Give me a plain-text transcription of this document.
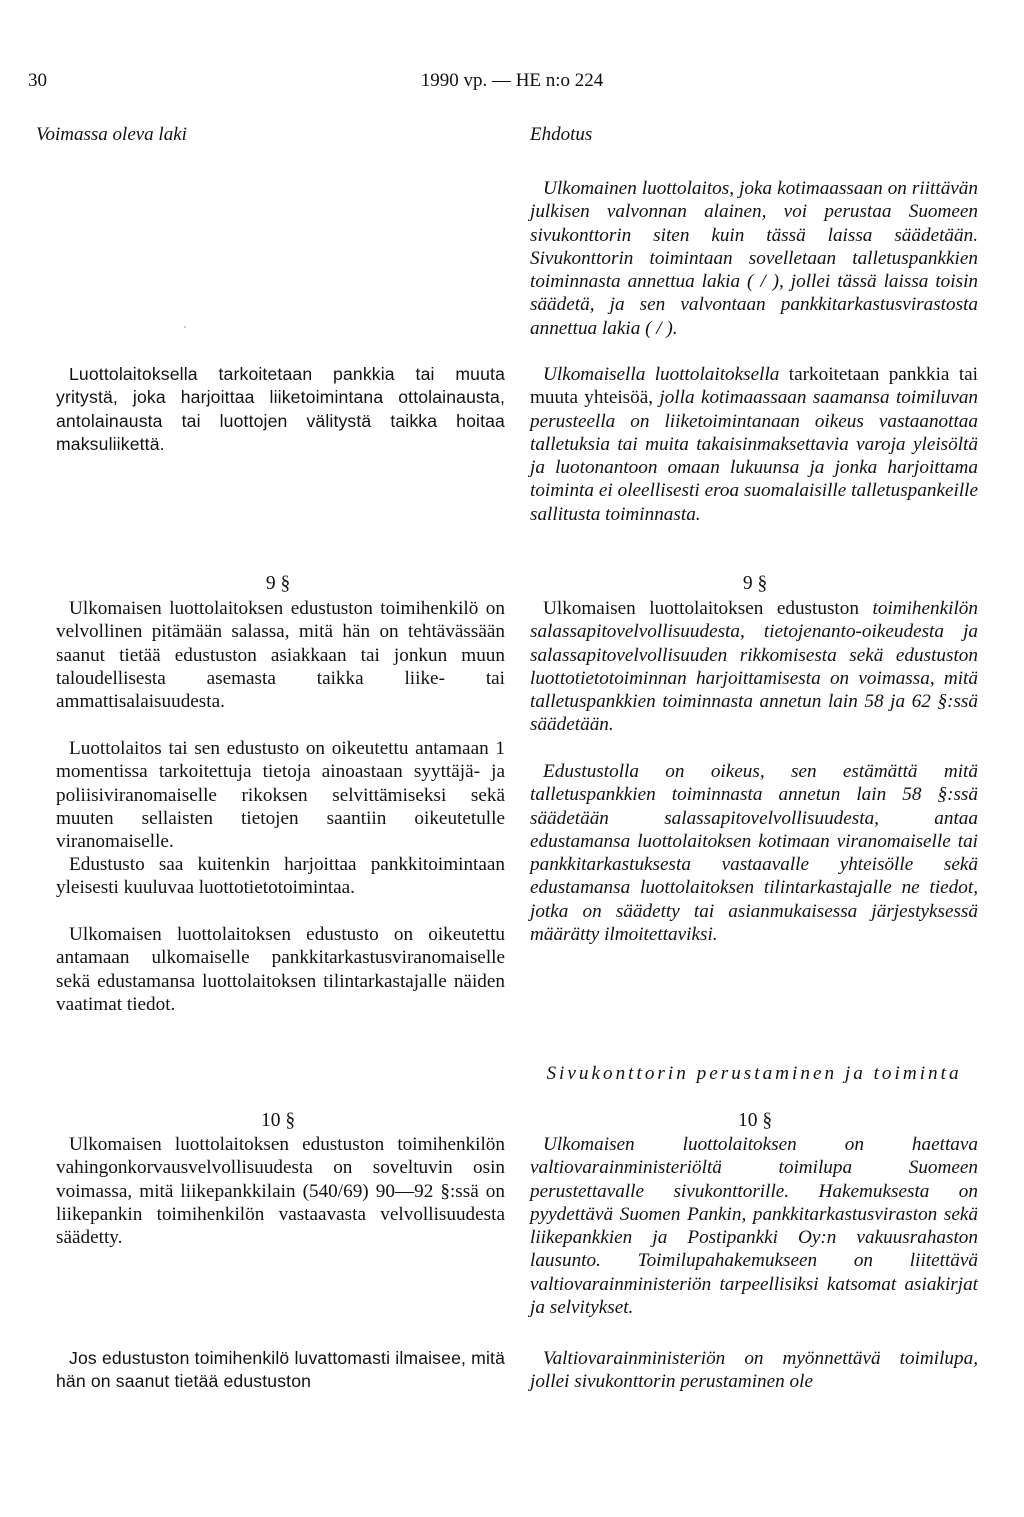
30	1990 vp. — HE n:o 224
Voimassa oleva laki	Ehdotus

Luottolaitoksella tarkoitetaan pankkia tai muuta yritystä, joka harjoittaa liiketoimintana ottolainausta, antolainausta tai luottojen välitystä taikka hoitaa maksuliikettä.

9 §

Ulkomaisen luottolaitoksen edustuston toimihenkilö on velvollinen pitämään salassa, mitä hän on tehtävässään saanut tietää edustuston asiakkaan tai jonkun muun taloudellisesta asemasta taikka liike- tai ammattisalaisuudesta.

Luottolaitos tai sen edustusto on oikeutettu antamaan 1 momentissa tarkoitettuja tietoja ainoastaan syyttäjä- ja poliisiviranomaiselle rikoksen selvittämiseksi sekä muuten sellaisten tietojen saantiin oikeutetulle viranomaiselle.

Edustusto saa kuitenkin harjoittaa pankkitoimintaan yleisesti kuuluvaa luottotietotoimintaa.

Ulkomaisen luottolaitoksen edustusto on oikeutettu antamaan ulkomaiselle pankkitarkastusviranomaiselle sekä edustamansa luottolaitoksen tilintarkastajalle näiden vaatimat tiedot.

10 §

Ulkomaisen luottolaitoksen edustuston toimihenkilön vahingonkorvausvelvollisuudesta on soveltuvin osin voimassa, mitä liikepankkilain (540/69) 90—92 §:ssä on liikepankin toimihenkilön vastaavasta velvollisuudesta säädetty.

Jos edustuston toimihenkilö luvattomasti ilmaisee, mitä hän on saanut tietää edustuston

Ulkomainen luottolaitos, joka kotimaassaan on riittävän julkisen valvonnan alainen, voi perustaa Suomeen sivukonttorin siten kuin tässä laissa säädetään. Sivukonttorin toimintaan sovelletaan talletuspankkien toiminnasta annettua lakia ( / ), jollei tässä laissa toisin säädetä, ja sen valvontaan pankkitarkastusvirastosta annettua lakia ( / ).

Ulkomaisella luottolaitoksella tarkoitetaan pankkia tai muuta yhteisöä, jolla kotimaassaan saamansa toimiluvan perusteella on liiketoimintanaan oikeus vastaanottaa talletuksia tai muita takaisinmaksettavia varoja yleisöltä ja luotonantoon omaan lukuunsa ja jonka harjoittama toiminta ei oleellisesti eroa suomalaisille talletuspankeille sallitusta toiminnasta.

9 §

Ulkomaisen luottolaitoksen edustuston toimihenkilön salassapitovelvollisuudesta, tietojenanto-oikeudesta ja salassapitovelvollisuuden rikkomisesta sekä edustuston luottotietotoiminnan harjoittamisesta on voimassa, mitä talletuspankkien toiminnasta annetun lain 58 ja 62 §:ssä säädetään.

Edustustolla on oikeus, sen estämättä mitä talletuspankkien toiminnasta annetun lain 58 §:ssä säädetään salassapitovelvollisuudesta, antaa edustamansa luottolaitoksen kotimaan viranomaiselle tai pankkitarkastuksesta vastaavalle yhteisölle sekä edustamansa luottolaitoksen tilintarkastajalle ne tiedot, jotka on säädetty tai asianmukaisessa järjestyksessä määrätty ilmoitettaviksi.

Sivukonttorin perustaminen ja toiminta
10 §

Ulkomaisen luottolaitoksen on haettava valtiovarainministeriöltä toimilupa Suomeen perustettavalle sivukonttorille. Hakemuksesta on pyydettävä Suomen Pankin, pankkitarkastusviraston sekä liikepankkien ja Postipankki Oy:n vakuusrahaston lausunto. Toimilupahakemukseen on liitettävä valtiovarainministeriön tarpeellisiksi katsomat asiakirjat ja selvitykset.

Valtiovarainministeriön on myönnettävä toimilupa, jollei sivukonttorin perustaminen ole
